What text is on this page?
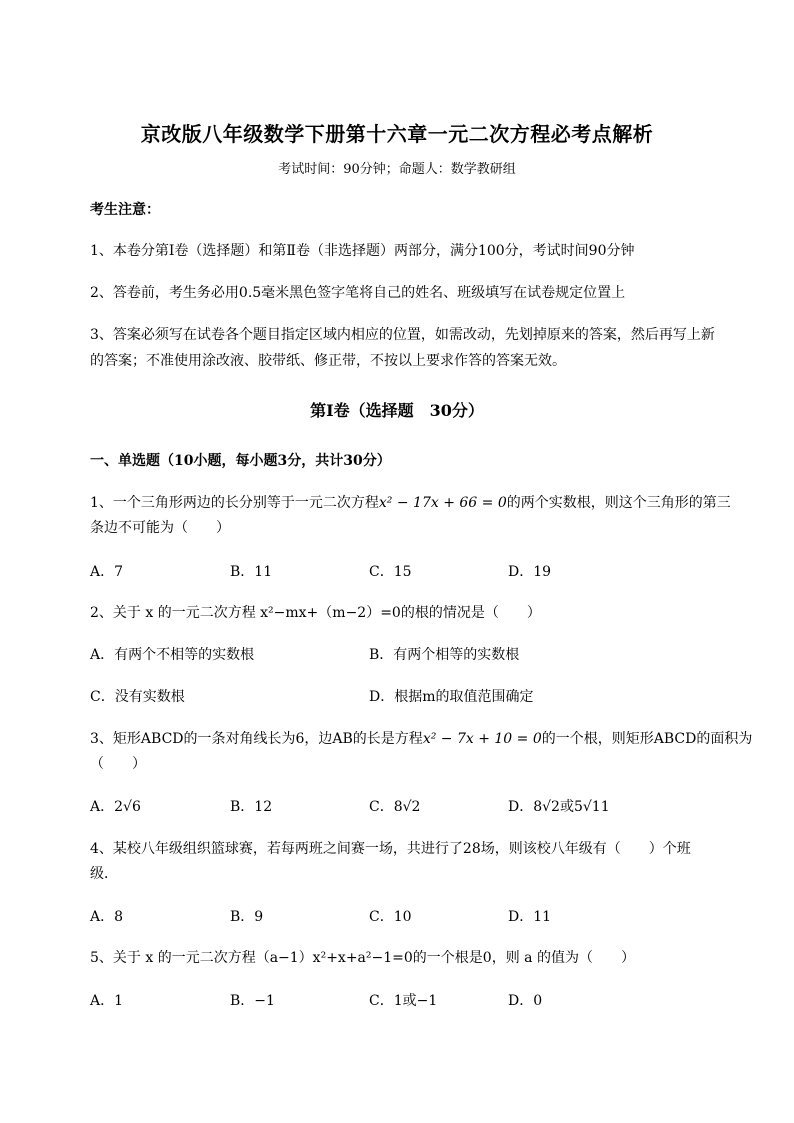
京改版八年级数学下册第十六章一元二次方程必考点解析
考试时间：90分钟；命题人：数学教研组
考生注意：
1、本卷分第I卷（选择题）和第Ⅱ卷（非选择题）两部分，满分100分，考试时间90分钟
2、答卷前，考生务必用0.5毫米黑色签字笔将自己的姓名、班级填写在试卷规定位置上
3、答案必须写在试卷各个题目指定区域内相应的位置，如需改动，先划掉原来的答案，然后再写上新
的答案；不准使用涂改液、胶带纸、修正带，不按以上要求作答的答案无效。
第I卷（选择题　30分）
一、单选题（10小题，每小题3分，共计30分）
1、一个三角形两边的长分别等于一元二次方程x² − 17x + 66 = 0的两个实数根，则这个三角形的第三
条边不可能为（　　）
A．7	B．11	C．15	D．19
2、关于 x 的一元二次方程 x²−mx+（m−2）=0的根的情况是（　　）
A．有两个不相等的实数根	B．有两个相等的实数根
C．没有实数根	D．根据m的取值范围确定
3、矩形ABCD的一条对角线长为6，边AB的长是方程x² − 7x + 10 = 0的一个根，则矩形ABCD的面积为
（　　）
A．2√6	B．12	C．8√2	D．8√2或5√11
4、某校八年级组织篮球赛，若每两班之间赛一场，共进行了28场，则该校八年级有（　　）个班
级．
A．8	B．9	C．10	D．11
5、关于 x 的一元二次方程（a−1）x²+x+a²−1=0的一个根是0，则 a 的值为（　　）
A．1	B．−1	C．1或−1	D．0
